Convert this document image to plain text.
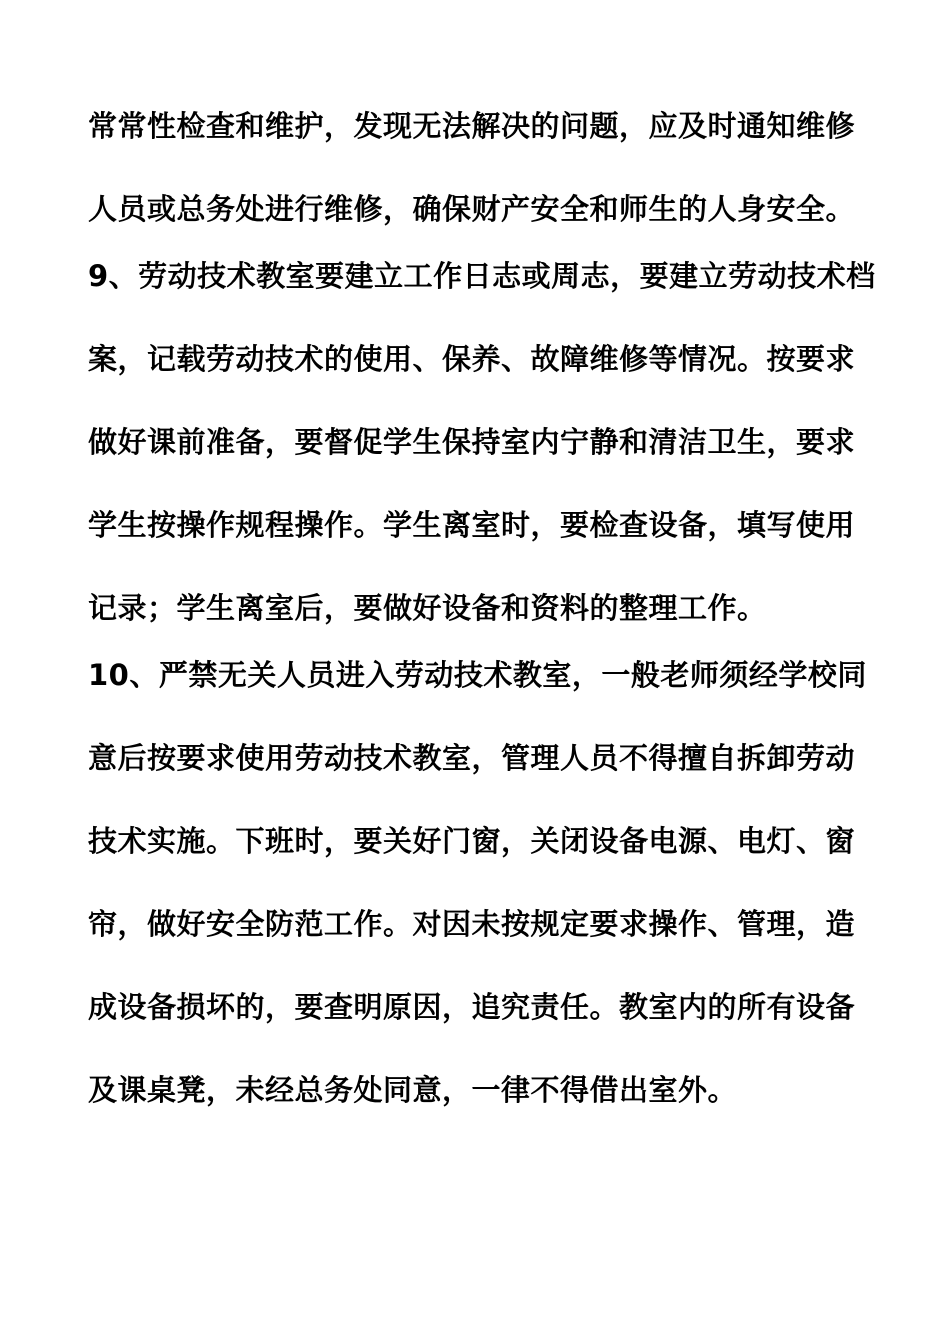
常常性检查和维护，发现无法解决的问题，应及时通知维修

人员或总务处进行维修，确保财产安全和师生的人身安全。

9、劳动技术教室要建立工作日志或周志，要建立劳动技术档

案，记载劳动技术的使用、保养、故障维修等情况。按要求

做好课前准备，要督促学生保持室内宁静和清洁卫生，要求

学生按操作规程操作。学生离室时，要检查设备，填写使用

记录；学生离室后，要做好设备和资料的整理工作。

10、严禁无关人员进入劳动技术教室，一般老师须经学校同

意后按要求使用劳动技术教室，管理人员不得擅自拆卸劳动

技术实施。下班时，要关好门窗，关闭设备电源、电灯、窗

帘，做好安全防范工作。对因未按规定要求操作、管理，造

成设备损坏的，要查明原因，追究责任。教室内的所有设备

及课桌凳，未经总务处同意，一律不得借出室外。
